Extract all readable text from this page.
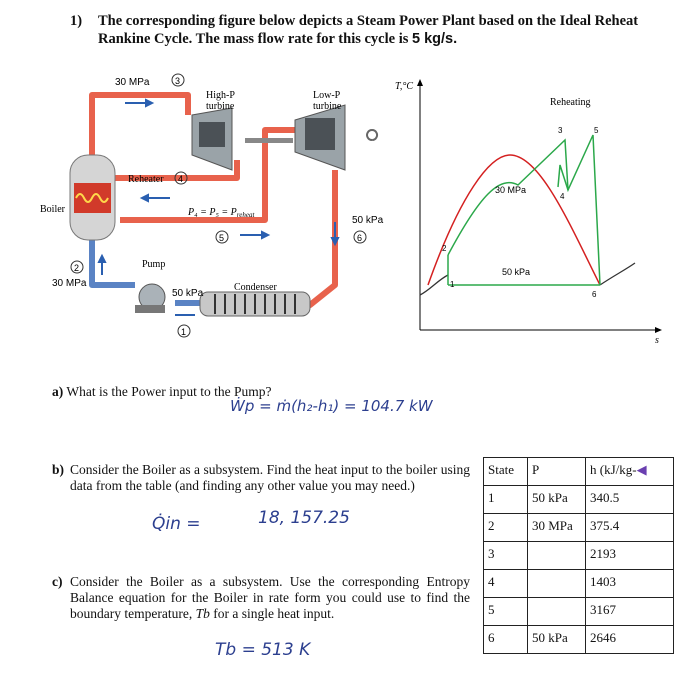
1) The corresponding figure below depicts a Steam Power Plant based on the Ideal Reheat Rankine Cycle. The mass flow rate for this cycle is 5 kg/s.
30 MPa	3
High-P
turbine
Low-P
turbine
Reheater 4
Boiler	$P_4 = P_5 = P_{reheat}$
5
50 kPa
6
2
30 MPa
Pump
50 kPa
Condenser
1
T,°C
s
Reheating
30 MPa
50 kPa
1
2
3
4
5
6
a) What is the Power input to the Pump?
Ẇp = ṁ(h₂-h₁) = 104.7 kW
b) Consider the Boiler as a subsystem. Find the heat input to the boiler using data from the table (and finding any other value you may need.)
Q̇in =	18, 157.25
c) Consider the Boiler as a subsystem. Use the corresponding Entropy Balance equation for the Boiler in rate form you could use to find the boundary temperature, Tb for a single heat input.
Tb = 513 K
State	P	h (kJ/kg-◀
1	50 kPa	340.5
2	30 MPa	375.4
3		2193
4		1403
5		3167
6	50 kPa	2646
